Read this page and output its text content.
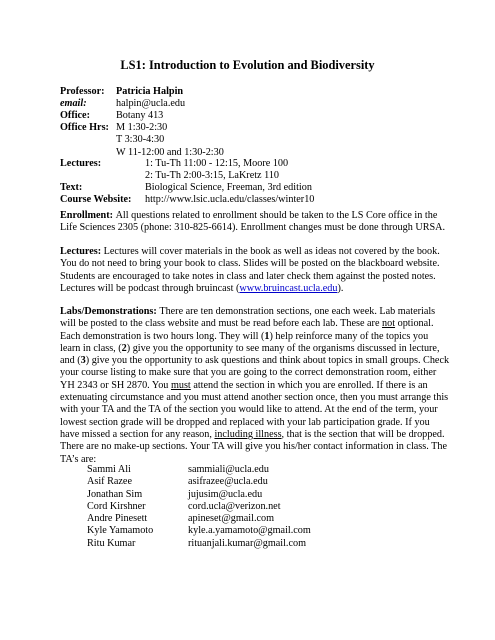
LS1: Introduction to Evolution and Biodiversity
Professor: Patricia Halpin
email:	halpin@ucla.edu
Office:	Botany 413
Office Hrs: M 1:30-2:30
T 3:30-4:30
W 11-12:00 and 1:30-2:30
Lectures:	1: Tu-Th 11:00 - 12:15, Moore 100
2: Tu-Th 2:00-3:15, LaKretz 110
Text:	Biological Science, Freeman, 3rd edition
Course Website: http://www.lsic.ucla.edu/classes/winter10
Enrollment: All questions related to enrollment should be taken to the LS Core office in the Life Sciences 2305 (phone: 310-825-6614). Enrollment changes must be done through URSA.
Lectures: Lectures will cover materials in the book as well as ideas not covered by the book. You do not need to bring your book to class. Slides will be posted on the blackboard website. Students are encouraged to take notes in class and later check them against the posted notes. Lectures will be podcast through bruincast (www.bruincast.ucla.edu).
Labs/Demonstrations: There are ten demonstration sections, one each week. Lab materials will be posted to the class website and must be read before each lab. These are not optional. Each demonstration is two hours long. They will (1) help reinforce many of the topics you learn in class, (2) give you the opportunity to see many of the organisms discussed in lecture, and (3) give you the opportunity to ask questions and think about topics in small groups. Check your course listing to make sure that you are going to the correct demonstration room, either YH 2343 or SH 2870. You must attend the section in which you are enrolled. If there is an extenuating circumstance and you must attend another section once, then you must arrange this with your TA and the TA of the section you would like to attend. At the end of the term, your lowest section grade will be dropped and replaced with your lab participation grade. If you have missed a section for any reason, including illness, that is the section that will be dropped. There are no make-up sections. Your TA will give you his/her contact information in class. The TA’s are:
Sammi Ali	sammiali@ucla.edu
Asif Razee	asifrazee@ucla.edu
Jonathan Sim	jujusim@ucla.edu
Cord Kirshner	cord.ucla@verizon.net
Andre Pinesett	apineset@gmail.com
Kyle Yamamoto	kyle.a.yamamoto@gmail.com
Ritu Kumar	rituanjali.kumar@gmail.com
